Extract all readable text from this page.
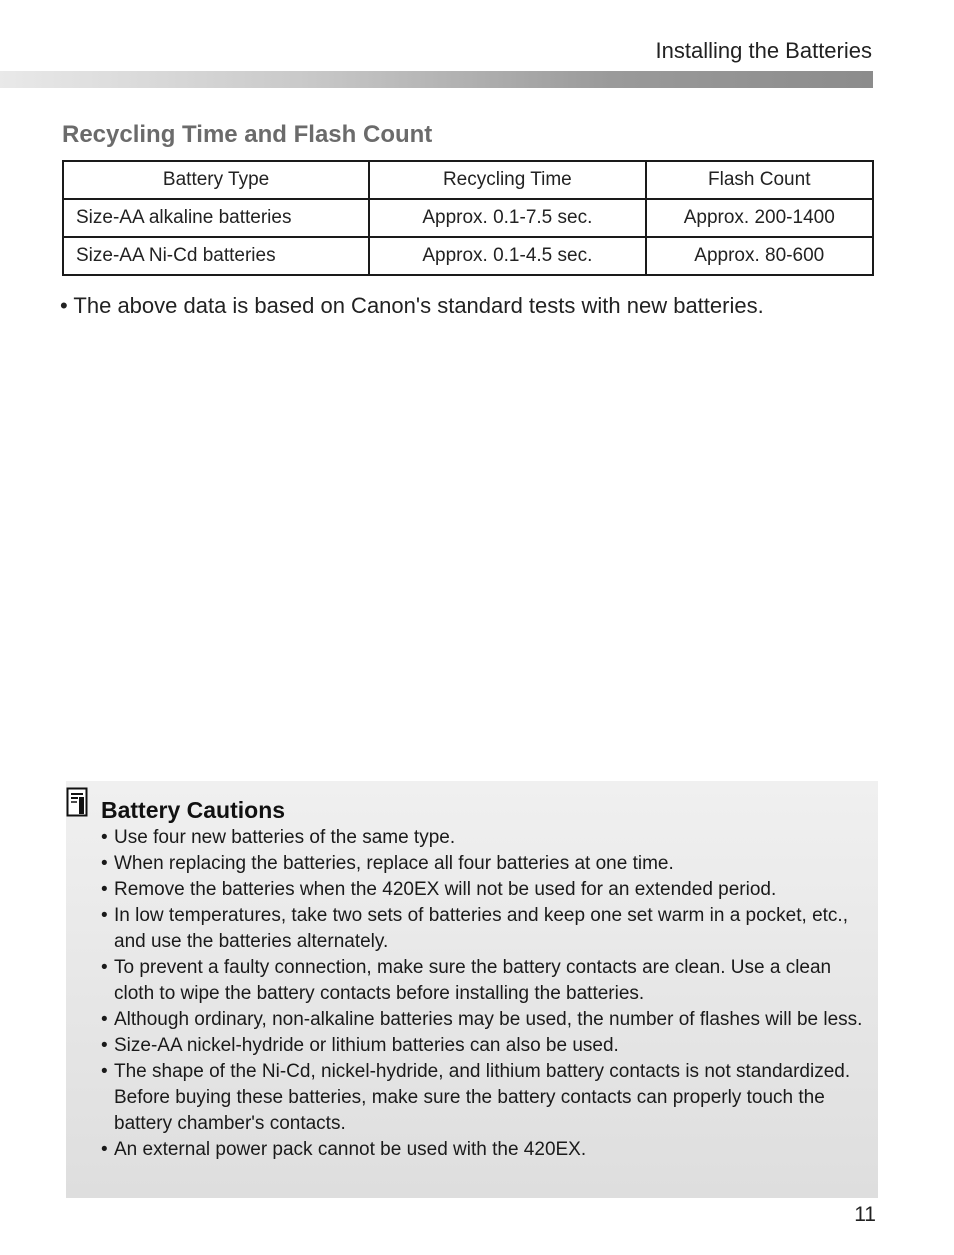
Installing the Batteries
Recycling Time and Flash Count
Battery Type	Recycling Time	Flash Count
Size-AA alkaline batteries	Approx. 0.1-7.5 sec.	Approx. 200-1400
Size-AA Ni-Cd batteries	Approx. 0.1-4.5 sec.	Approx. 80-600
• The above data is based on Canon's standard tests with new batteries.
Battery Cautions
• Use four new batteries of the same type.
• When replacing the batteries, replace all four batteries at one time.
• Remove the batteries when the 420EX will not be used for an extended period.
• In low temperatures, take two sets of batteries and keep one set warm in a pocket, etc., and use the batteries alternately.
• To prevent a faulty connection, make sure the battery contacts are clean. Use a clean cloth to wipe the battery contacts before installing the batteries.
• Although ordinary, non-alkaline batteries may be used, the number of flashes will be less.
• Size-AA nickel-hydride or lithium batteries can also be used.
• The shape of the Ni-Cd, nickel-hydride, and lithium battery contacts is not standardized. Before buying these batteries, make sure the battery contacts can properly touch the battery chamber's contacts.
• An external power pack cannot be used with the 420EX.
11
